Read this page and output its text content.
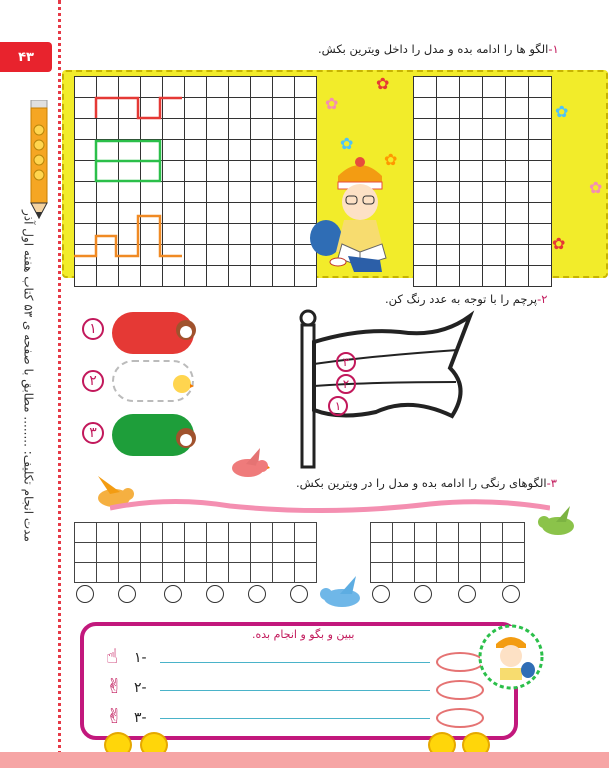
۴۳
مدت انجام تکلیف: ........ مطابق با صفحه ی ۵۳ کتاب هفته اول آذر
۱-الگو ها را ادامه بده و مدل را داخل ویترین بکش.

✿
✿
✿
✿
✿
✿
✿
۲-پرچم را با توجه به عدد رنگ کن.
۱
۲
۳
۳
۲
۱
۳-الگوهای رنگی را ادامه بده و مدل را در ویترین بکش.

ببین و بگو و انجام بده.
☝ ۱-
✌ ۲-
✌ ۳-
